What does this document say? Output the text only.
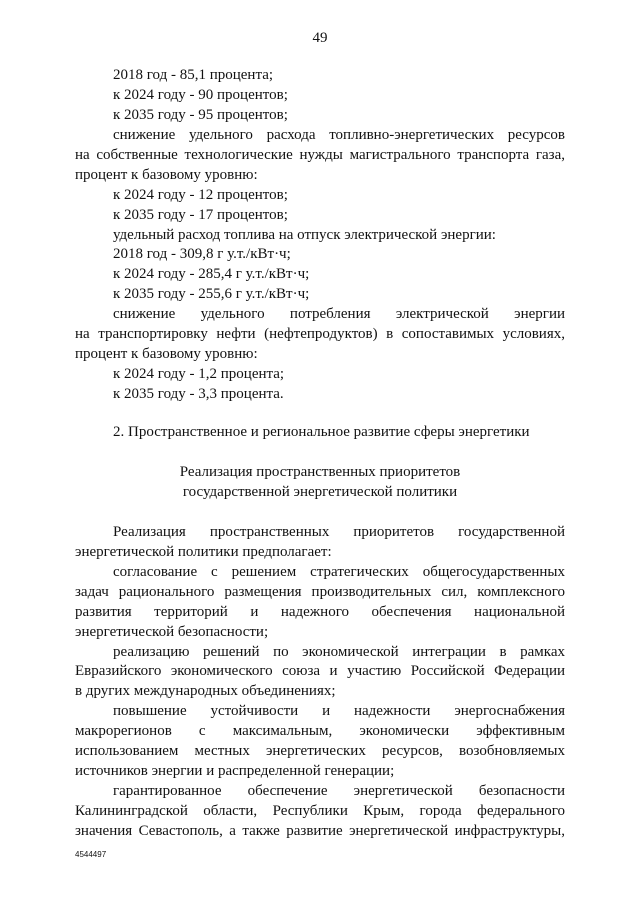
49
2018 год - 85,1 процента;
к 2024 году - 90 процентов;
к 2035 году - 95 процентов;
снижение удельного расхода топливно-энергетических ресурсов
на собственные технологические нужды магистрального транспорта газа,
процент к базовому уровню:
к 2024 году - 12 процентов;
к 2035 году - 17 процентов;
удельный расход топлива на отпуск электрической энергии:
2018 год - 309,8 г у.т./кВт·ч;
к 2024 году - 285,4 г у.т./кВт·ч;
к 2035 году - 255,6 г у.т./кВт·ч;
снижение удельного потребления электрической энергии
на транспортировку нефти (нефтепродуктов) в сопоставимых условиях,
процент к базовому уровню:
к 2024 году - 1,2 процента;
к 2035 году - 3,3 процента.
2. Пространственное и региональное развитие сферы энергетики
Реализация пространственных приоритетов
государственной энергетической политики
Реализация пространственных приоритетов государственной
энергетической политики предполагает:
согласование с решением стратегических общегосударственных
задач рационального размещения производительных сил, комплексного
развития территорий и надежного обеспечения национальной
энергетической безопасности;
реализацию решений по экономической интеграции в рамках
Евразийского экономического союза и участию Российской Федерации
в других международных объединениях;
повышение устойчивости и надежности энергоснабжения
макрорегионов с максимальным, экономически эффективным
использованием местных энергетических ресурсов, возобновляемых
источников энергии и распределенной генерации;
гарантированное обеспечение энергетической безопасности
Калининградской области, Республики Крым, города федерального
значения Севастополь, а также развитие энергетической инфраструктуры,
4544497
